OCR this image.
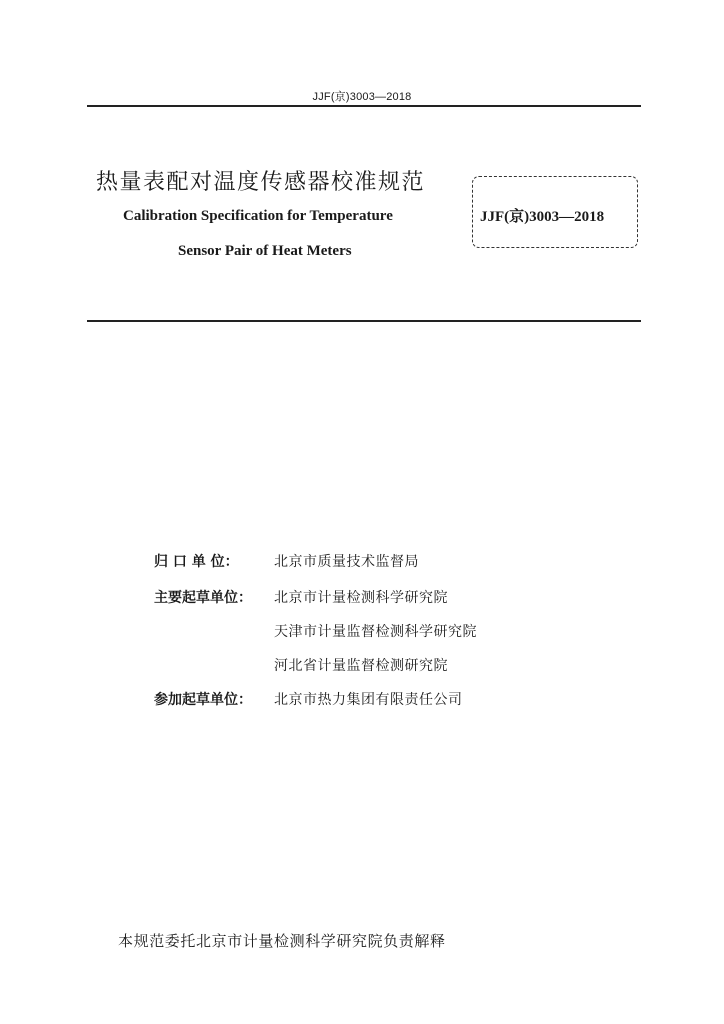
JJF(京)3003—2018
热量表配对温度传感器校准规范
Calibration Specification for Temperature
Sensor Pair of Heat Meters
JJF(京)3003—2018
归 口 单 位：	北京市质量技术监督局
主要起草单位： 北京市计量检测科学研究院
天津市计量监督检测科学研究院
河北省计量监督检测研究院
参加起草单位： 北京市热力集团有限责任公司
本规范委托北京市计量检测科学研究院负责解释
